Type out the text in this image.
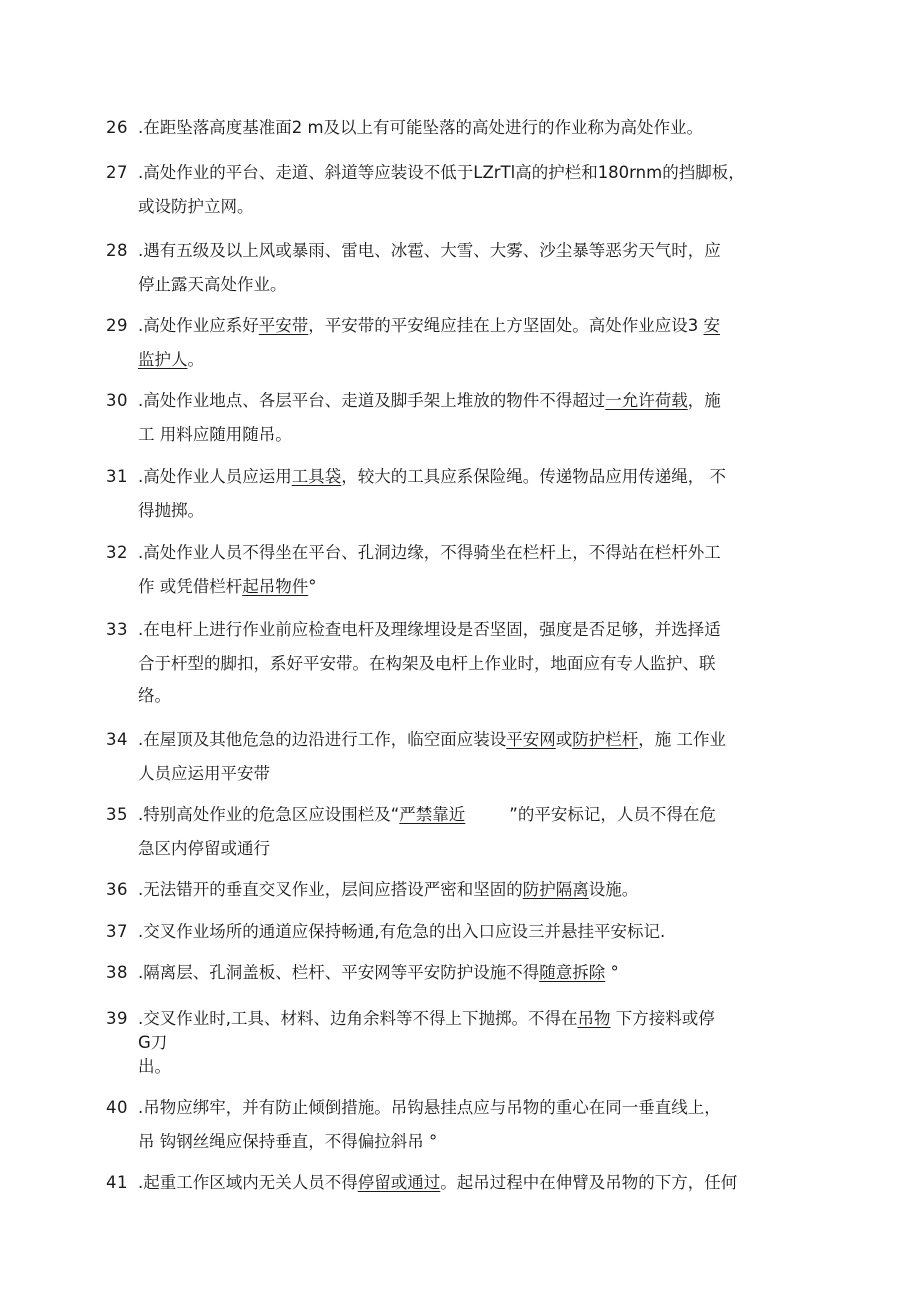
26 .在距坠落高度基准面2 m及以上有可能坠落的高处进行的作业称为高处作业。
27 .高处作业的平台、走道、斜道等应装设不低于LZrTl高的护栏和180rnm的挡脚板，
或设防护立网。
28 .遇有五级及以上风或暴雨、雷电、冰雹、大雪、大雾、沙尘暴等恶劣天气时，应
停止露天高处作业。
29 .高处作业应系好平安带，平安带的平安绳应挂在上方坚固处。高处作业应设3 安
监护人。
30 .高处作业地点、各层平台、走道及脚手架上堆放的物件不得超过一允许荷载，施
工 用料应随用随吊。
31 .高处作业人员应运用工具袋，较大的工具应系保险绳。传递物品应用传递绳， 不
得抛掷。
32 .高处作业人员不得坐在平台、孔洞边缘，不得骑坐在栏杆上，不得站在栏杆外工
作 或凭借栏杆起吊物件°
33 .在电杆上进行作业前应检查电杆及理缘埋设是否坚固，强度是否足够，并选择适
合于杆型的脚扣，系好平安带。在构架及电杆上作业时，地面应有专人监护、联
络。
34 .在屋顶及其他危急的边沿进行工作，临空面应装设平安网或防护栏杆，施 工作业
人员应运用平安带
35 .特别高处作业的危急区应设围栏及“严禁靠近	”的平安标记，人员不得在危
急区内停留或通行
36 .无法错开的垂直交叉作业，层间应搭设严密和坚固的防护隔离设施。
37 .交叉作业场所的通道应保持畅通,有危急的出入口应设三并悬挂平安标记.
38 .隔离层、孔洞盖板、栏杆、平安网等平安防护设施不得随意拆除 °
39 .交叉作业时,工具、材料、边角余料等不得上下抛掷。不得在吊物 下方接料或停
G刀
出。
40 .吊物应绑牢，并有防止倾倒措施。吊钩悬挂点应与吊物的重心在同一垂直线上，
吊 钩钢丝绳应保持垂直，不得偏拉斜吊 °
41 .起重工作区域内无关人员不得停留或通过。起吊过程中在伸臂及吊物的下方，任何
